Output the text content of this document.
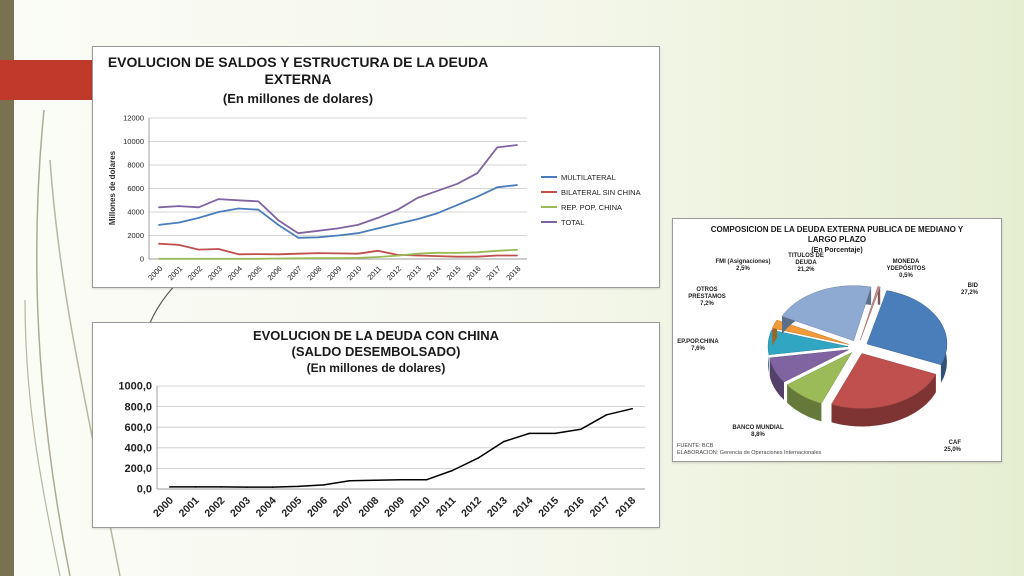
EVOLUCION DE SALDOS Y ESTRUCTURA DE LA DEUDA
EXTERNA
(En millones de dolares)
Millones de dolares
0
2000
4000
6000
8000
10000
12000
2000 2001 2002 2003 2004 2005 2006 2007 2008 2009 2010 2011 2012 2013 2014 2015 2016 2017 2018
MULTILATERAL
BILATERAL SIN CHINA
REP. POP. CHINA
TOTAL
EVOLUCION DE LA DEUDA CON CHINA
(SALDO DESEMBOLSADO)
(En millones de dolares)
0,0
200,0
400,0
600,0
800,0
1000,0
2000 2001 2002 2003 2004 2005 2006 2007 2008 2009 2010 2011 2012 2013 2014 2015 2016 2017 2018
COMPOSICION DE LA DEUDA EXTERNA PUBLICA DE MEDIANO Y
LARGO PLAZO
(En Porcentaje)
BID
27,2%
CAF
25,0%
BANCO MUNDIAL
8,8%
EP.POP.CHINA
7,6%
OTROS
PRESTAMOS
7,2%
FMI (Asignaciones)
2,5%
TITULOS DE
DEUDA
21,2%
MONEDA
YDEPÓSITOS
0,5%
FUENTE: BCB
ELABORACION: Gerencia de Operaciones Internacionales
